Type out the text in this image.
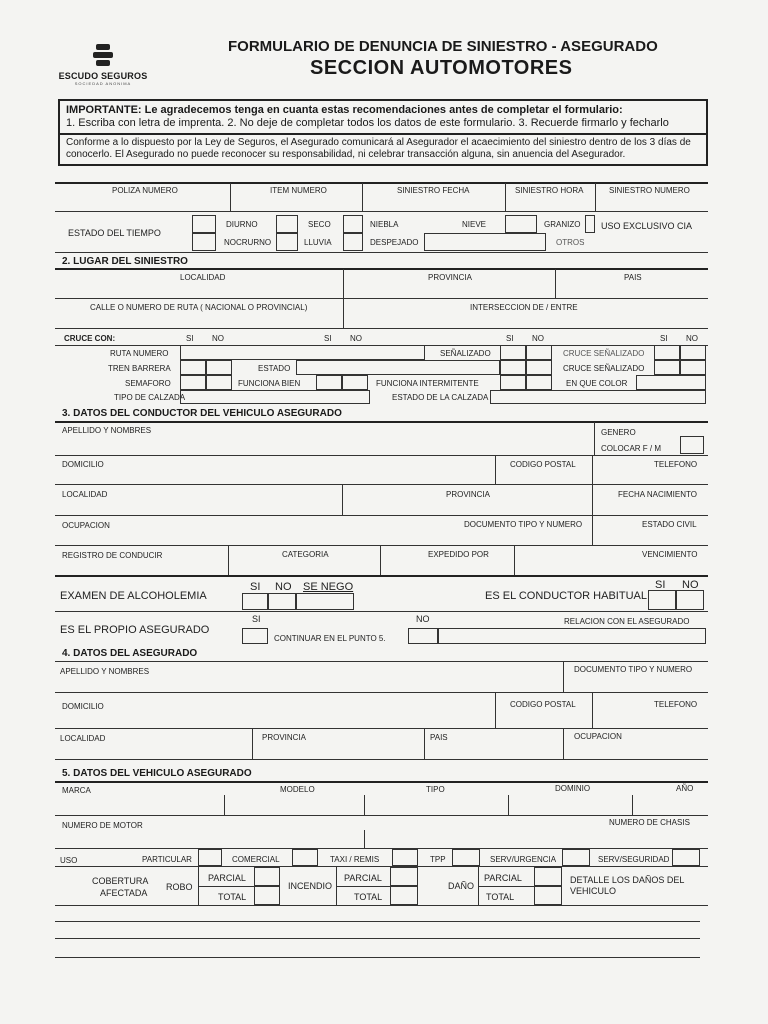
ESCUDO SEGUROS
SOCIEDAD ANONIMA
FORMULARIO DE DENUNCIA DE SINIESTRO - ASEGURADO
SECCION AUTOMOTORES
IMPORTANTE: Le agradecemos tenga en cuanta estas recomendaciones antes de completar el formulario:
1. Escriba con letra de imprenta. 2. No deje de completar todos los datos de este formulario. 3. Recuerde firmarlo y fecharlo
Conforme a lo dispuesto por la Ley de Seguros, el Asegurado comunicará al Asegurador el acaecimiento del siniestro dentro de los 3 días de conocerlo. El Asegurado no puede reconocer su responsabilidad, ni celebrar transacción alguna, sin anuencia del Asegurador.
POLIZA NUMERO	ITEM NUMERO	SINIESTRO FECHA	SINIESTRO HORA	SINIESTRO NUMERO
ESTADO DEL TIEMPO
DIURNO	SECO	NIEBLA	NIEVE	GRANIZO USO EXCLUSIVO CIA
NOCRURNO	LLUVIA	DESPEJADO	OTROS
2. LUGAR DEL SINIESTRO
LOCALIDAD	PROVINCIA	PAIS
CALLE O NUMERO DE RUTA ( NACIONAL O PROVINCIAL)	INTERSECCION DE / ENTRE
CRUCE CON:	SI NO	SI NO	SI NO	SI NO
RUTA NUMERO	SEÑALIZADO	CRUCE SEÑALIZADO
TREN BARRERA	ESTADO	CRUCE SEÑALIZADO
SEMAFORO	FUNCIONA BIEN	FUNCIONA INTERMITENTE	EN QUE COLOR
TIPO DE CALZADA	ESTADO DE LA CALZADA
3. DATOS DEL CONDUCTOR DEL VEHICULO ASEGURADO
APELLIDO Y NOMBRES	GENERO
COLOCAR F / M
DOMICILIO	CODIGO POSTAL	TELEFONO
LOCALIDAD	PROVINCIA	FECHA NACIMIENTO
OCUPACION	DOCUMENTO TIPO Y NUMERO	ESTADO CIVIL
REGISTRO DE CONDUCIR	CATEGORIA	EXPEDIDO POR	VENCIMIENTO
EXAMEN DE ALCOHOLEMIA
SI NO SE NEGO
ES EL CONDUCTOR HABITUAL
SI NO
ES EL PROPIO ASEGURADO
SI
CONTINUAR EN EL PUNTO 5.
NO	RELACION CON EL ASEGURADO
4. DATOS DEL ASEGURADO
APELLIDO Y NOMBRES	DOCUMENTO TIPO Y NUMERO
DOMICILIO	CODIGO POSTAL	TELEFONO
LOCALIDAD	PROVINCIA	PAIS	OCUPACION
5. DATOS DEL VEHICULO ASEGURADO
MARCA	MODELO	TIPO	DOMINIO	AÑO
NUMERO DE MOTOR	NUMERO DE CHASIS
USO	PARTICULAR	COMERCIAL	TAXI / REMIS	TPP	SERV/URGENCIA	SERV/SEGURIDAD
COBERTURA
AFECTADA
ROBO
PARCIAL
TOTAL
INCENDIO
PARCIAL
TOTAL
DAÑO
PARCIAL
TOTAL
DETALLE LOS DAÑOS DEL
VEHICULO
